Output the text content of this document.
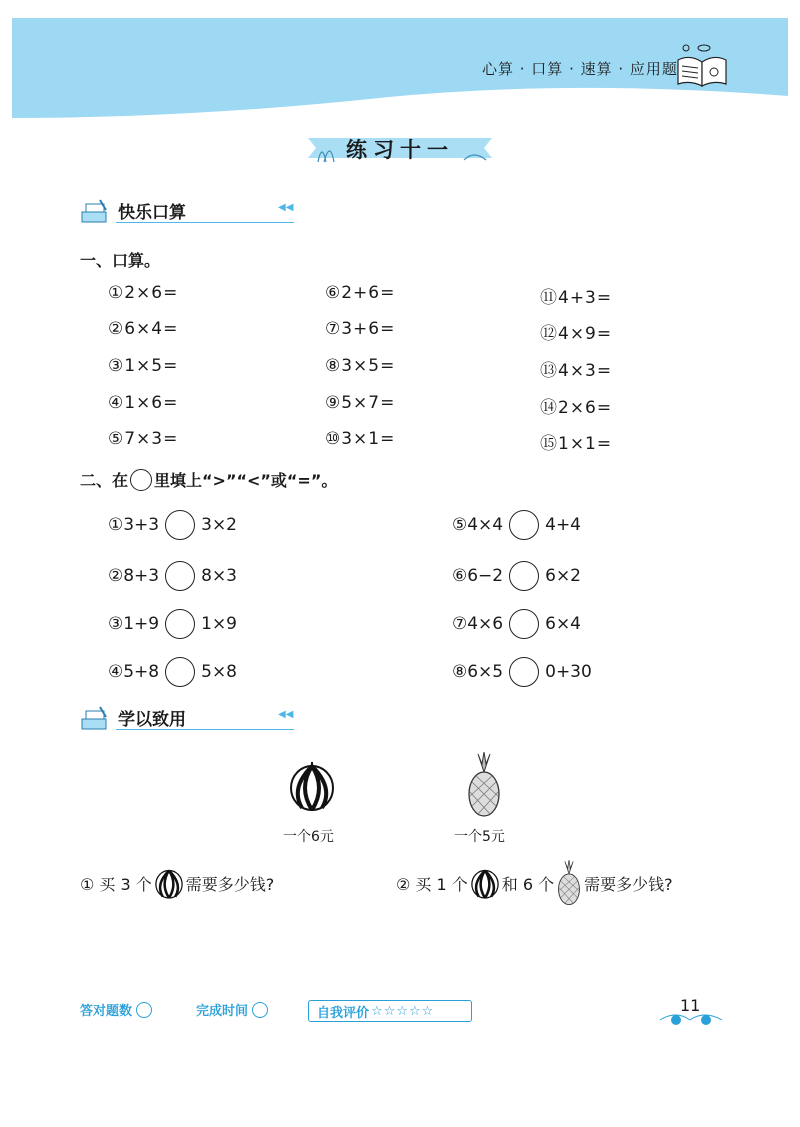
心算 · 口算 · 速算 · 应用题
练习十一
快乐口算	◀◀
一、口算。
①2×6=
②6×4=
③1×5=
④1×6=
⑤7×3=
⑥2+6=
⑦3+6=
⑧3×5=
⑨5×7=
⑩3×1=
⑪4+3=
⑫4×9=
⑬4×3=
⑭2×6=
⑮1×1=
二、在 里填上“>”“<”或“=”。
①3+3 3×2
②8+3 8×3
③1+9 1×9
④5+8 5×8
⑤4×4 4+4
⑥6−2 6×2
⑦4×6 6×4
⑧6×5 0+30
学以致用	◀◀
一个6元	一个5元
① 买 3 个 需要多少钱?	② 买 1 个 和 6 个 需要多少钱?
答对题数	完成时间	自我评价 ☆☆☆☆☆	11
